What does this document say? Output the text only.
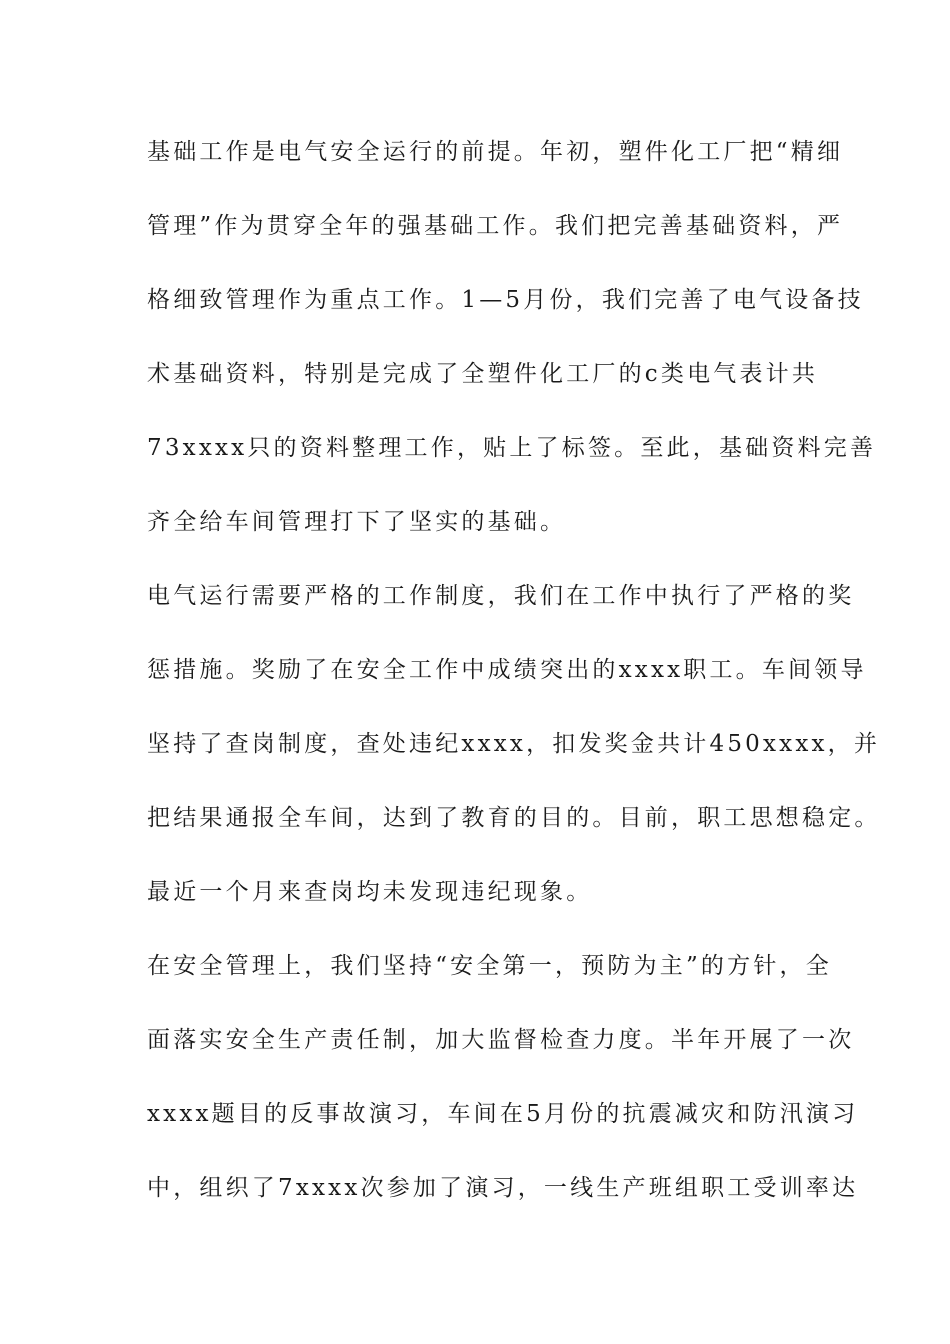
基础工作是电气安全运行的前提。年初，塑件化工厂把“精细
管理”作为贯穿全年的强基础工作。我们把完善基础资料，严
格细致管理作为重点工作。1—5月份，我们完善了电气设备技
术基础资料，特别是完成了全塑件化工厂的c类电气表计共
73xxxx只的资料整理工作，贴上了标签。至此，基础资料完善
齐全给车间管理打下了坚实的基础。
电气运行需要严格的工作制度，我们在工作中执行了严格的奖
惩措施。奖励了在安全工作中成绩突出的xxxx职工。车间领导
坚持了查岗制度，查处违纪xxxx，扣发奖金共计450xxxx，并
把结果通报全车间，达到了教育的目的。目前，职工思想稳定。
最近一个月来查岗均未发现违纪现象。
在安全管理上，我们坚持“安全第一，预防为主”的方针，全
面落实安全生产责任制，加大监督检查力度。半年开展了一次
xxxx题目的反事故演习，车间在5月份的抗震减灾和防汛演习
中，组织了7xxxx次参加了演习，一线生产班组职工受训率达
